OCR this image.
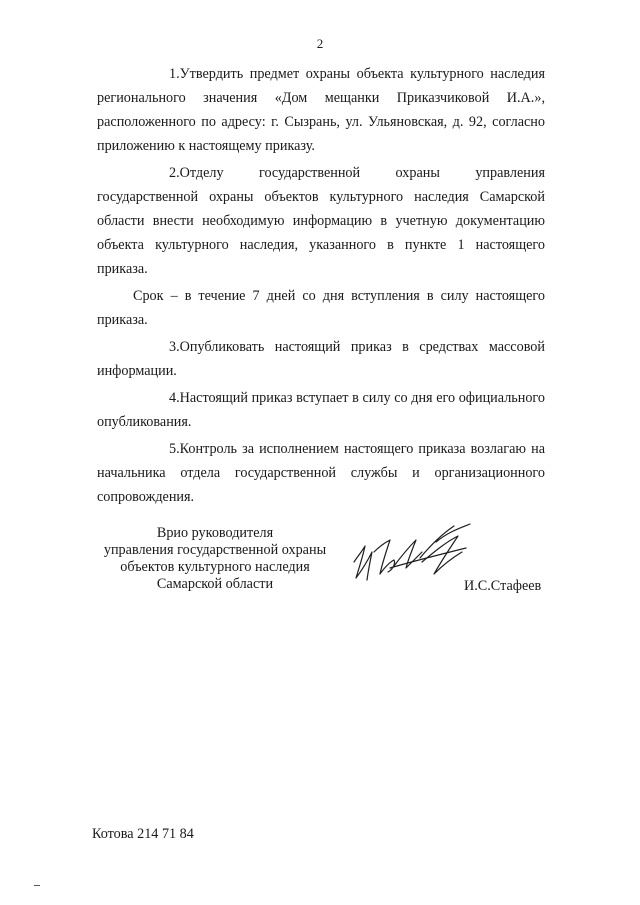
2

1.Утвердить предмет охраны объекта культурного наследия регионального значения «Дом мещанки Приказчиковой И.А.», расположенного по адресу: г. Сызрань, ул. Ульяновская, д. 92, согласно приложению к настоящему приказу.

2.Отделу государственной охраны управления государственной охраны объектов культурного наследия Самарской области внести необходимую информацию в учетную документацию объекта культурного наследия, указанного в пункте 1 настоящего приказа.

Срок – в течение 7 дней со дня вступления в силу настоящего приказа.

3.Опубликовать настоящий приказ в средствах массовой информации.

4.Настоящий приказ вступает в силу со дня его официального опубликования.

5.Контроль за исполнением настоящего приказа возлагаю на начальника отдела государственной службы и организационного сопровождения.

Врио руководителя
управления государственной охраны
объектов культурного наследия
Самарской области	И.С.Стафеев
Котова 214 71 84
